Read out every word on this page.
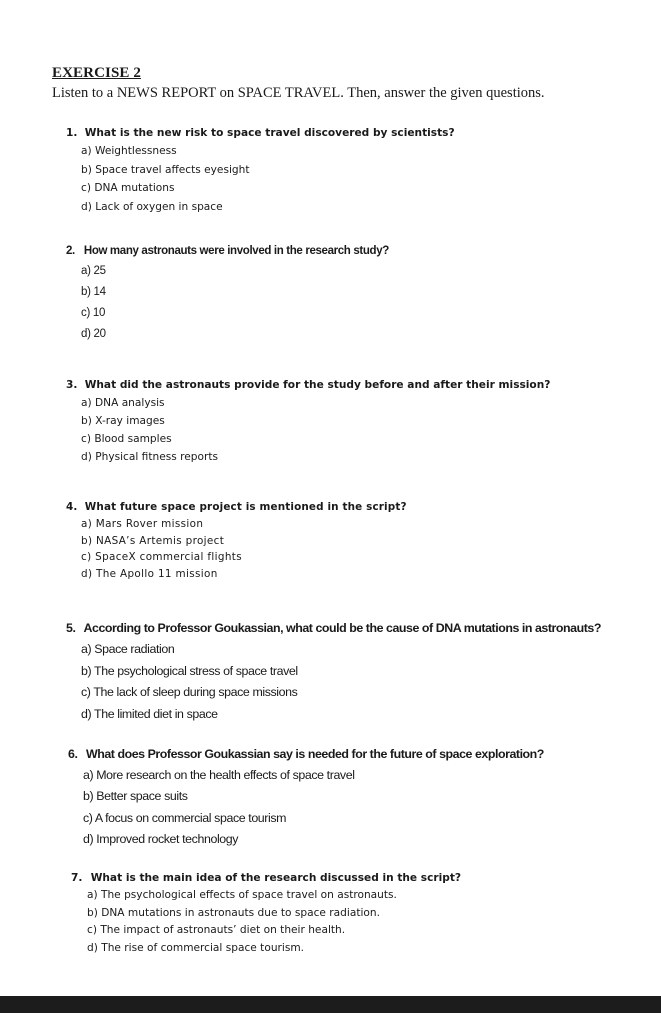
EXERCISE 2
Listen to a NEWS REPORT on SPACE TRAVEL. Then, answer the given questions.
1. What is the new risk to space travel discovered by scientists?
a) Weightlessness
b) Space travel affects eyesight
c) DNA mutations
d) Lack of oxygen in space
2. How many astronauts were involved in the research study?
a) 25
b) 14
c) 10
d) 20
3. What did the astronauts provide for the study before and after their mission?
a) DNA analysis
b) X-ray images
c) Blood samples
d) Physical fitness reports
4. What future space project is mentioned in the script?
a) Mars Rover mission
b) NASA’s Artemis project
c) SpaceX commercial flights
d) The Apollo 11 mission
5. According to Professor Goukassian, what could be the cause of DNA mutations in astronauts?
a) Space radiation
b) The psychological stress of space travel
c) The lack of sleep during space missions
d) The limited diet in space
6. What does Professor Goukassian say is needed for the future of space exploration?
a) More research on the health effects of space travel
b) Better space suits
c) A focus on commercial space tourism
d) Improved rocket technology
7. What is the main idea of the research discussed in the script?
a) The psychological effects of space travel on astronauts.
b) DNA mutations in astronauts due to space radiation.
c) The impact of astronauts’ diet on their health.
d) The rise of commercial space tourism.
